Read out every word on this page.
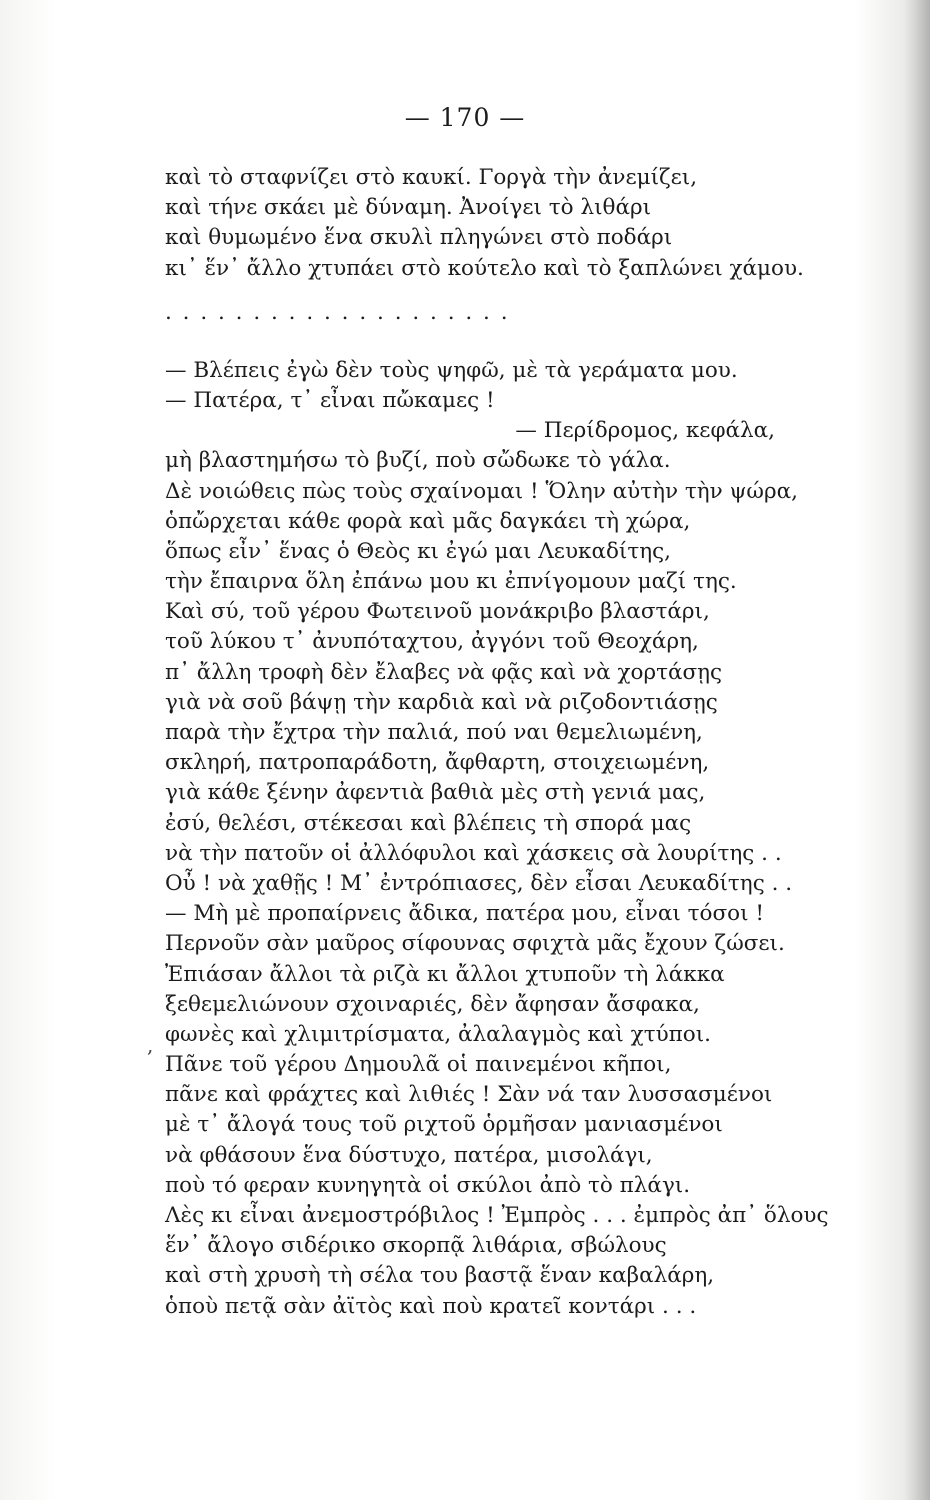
— 170 —
καὶ τὸ σταφνίζει στὸ καυκί. Γοργὰ τὴν ἀνεμίζει,
καὶ τήνε σκάει μὲ δύναμη. Ἀνοίγει τὸ λιθάρι
καὶ θυμωμένο ἕνα σκυλὶ πληγώνει στὸ ποδάρι
κι᾽ ἕν᾽ ἄλλο χτυπάει στὸ κούτελο καὶ τὸ ξαπλώνει χάμου.
. . . . . . . . . . . . . . . . . . . .
— Βλέπεις ἐγὼ δὲν τοὺς ψηφῶ, μὲ τὰ γεράματα μου.
— Πατέρα, τ᾽ εἶναι πὤκαμες !
— Περίδρομος, κεφάλα,
μὴ βλαστημήσω τὸ βυζί, ποὺ σὤδωκε τὸ γάλα.
Δὲ νοιώθεις πὼς τοὺς σχαίνομαι ! Ὅλην αὐτὴν τὴν ψώρα,
ὁπὤρχεται κάθε φορὰ καὶ μᾶς δαγκάει τὴ χώρα,
ὅπως εἶν᾽ ἕνας ὁ Θεὸς κι ἐγώ μαι Λευκαδίτης,
τὴν ἔπαιρνα ὅλη ἐπάνω μου κι ἐπνίγομουν μαζί της.
Καὶ σύ, τοῦ γέρου Φωτεινοῦ μονάκριβο βλαστάρι,
τοῦ λύκου τ᾽ ἀνυπόταχτου, ἀγγόνι τοῦ Θεοχάρη,
π᾽ ἄλλη τροφὴ δὲν ἔλαβες νὰ φᾷς καὶ νὰ χορτάσῃς
γιὰ νὰ σοῦ βάψῃ τὴν καρδιὰ καὶ νὰ ριζοδοντιάσῃς
παρὰ τὴν ἔχτρα τὴν παλιά, πού ναι θεμελιωμένη,
σκληρή, πατροπαράδοτη, ἄφθαρτη, στοιχειωμένη,
γιὰ κάθε ξένην ἀφεντιὰ βαθιὰ μὲς στὴ γενιά μας,
ἐσύ, θελέσι, στέκεσαι καὶ βλέπεις τὴ σπορά μας
νὰ τὴν πατοῦν οἱ ἀλλόφυλοι καὶ χάσκεις σὰ λουρίτης . .
Οὖ ! νὰ χαθῇς ! Μ᾽ ἐντρόπιασες, δὲν εἶσαι Λευκαδίτης . .
— Μὴ μὲ προπαίρνεις ἄδικα, πατέρα μου, εἶναι τόσοι !
Περνοῦν σὰν μαῦρος σίφουνας σφιχτὰ μᾶς ἔχουν ζώσει.
Ἐπιάσαν ἄλλοι τὰ ριζὰ κι ἄλλοι χτυποῦν τὴ λάκκα
ξεθεμελιώνουν σχοιναριές, δὲν ἄφησαν ἄσφακα,
φωνὲς καὶ χλιμιτρίσματα, ἀλαλαγμὸς καὶ χτύποι.
Πᾶνε τοῦ γέρου Δημουλᾶ οἱ παινεμένοι κῆποι,
πᾶνε καὶ φράχτες καὶ λιθιές ! Σὰν νά ταν λυσσασμένοι
μὲ τ᾽ ἄλογά τους τοῦ ριχτοῦ ὁρμῆσαν μανιασμένοι
νὰ φθάσουν ἕνα δύστυχο, πατέρα, μισολάγι,
πoὺ τό φεραν κυνηγητὰ οἱ σκύλοι ἀπὸ τὸ πλάγι.
Λὲς κι εἶναι ἀνεμοστρόβιλος ! Ἐμπρὸς . . . ἐμπρὸς ἀπ᾽ ὅλους
ἕν᾽ ἄλογο σιδέρικο σκορπᾷ λιθάρια, σβώλους
καὶ στὴ χρυσὴ τὴ σέλα του βαστᾷ ἕναν καβαλάρη,
ὁπoὺ πετᾷ σὰν ἀϊτὸς καὶ ποὺ κρατεῖ κοντάρι . . .
,
